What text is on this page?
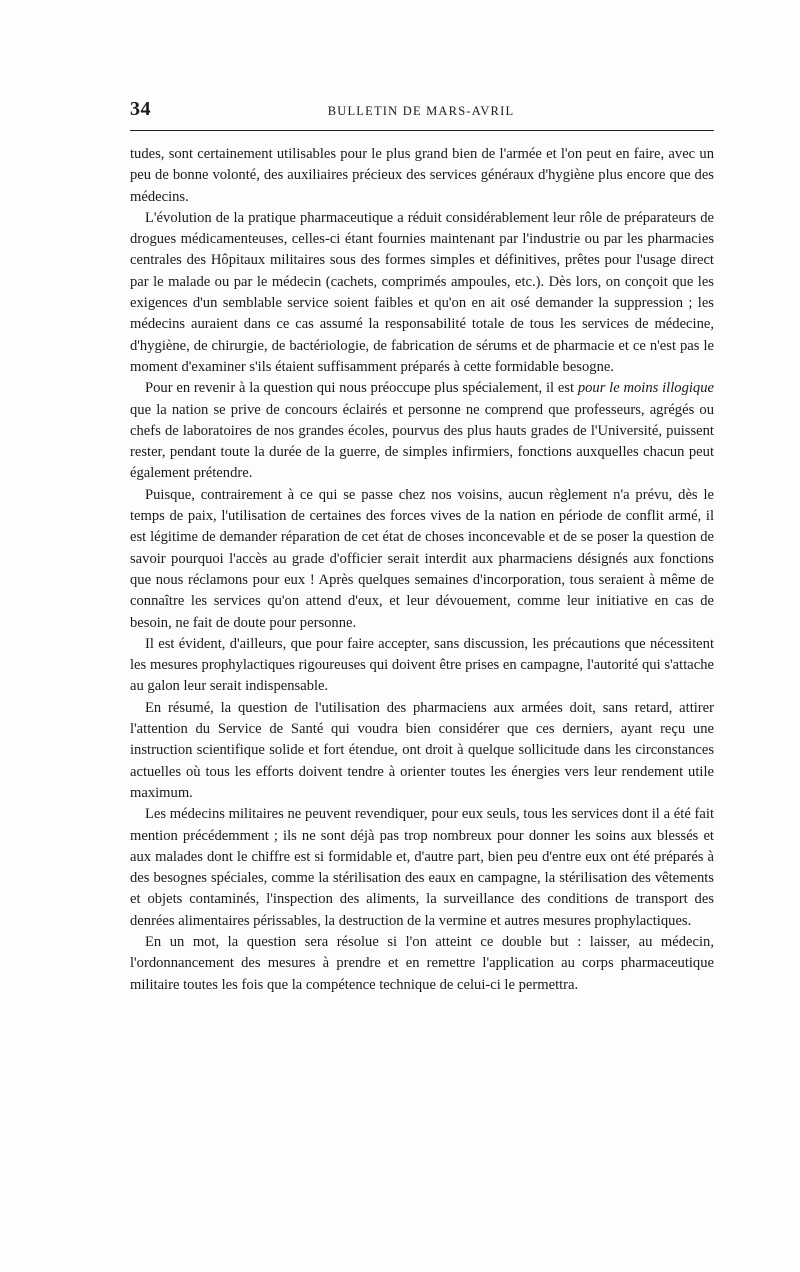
34	BULLETIN DE MARS-AVRIL

tudes, sont certainement utilisables pour le plus grand bien de l'armée et l'on peut en faire, avec un peu de bonne volonté, des auxiliaires précieux des services généraux d'hygiène plus encore que des médecins.

L'évolution de la pratique pharmaceutique a réduit considérablement leur rôle de préparateurs de drogues médicamenteuses, celles-ci étant fournies maintenant par l'industrie ou par les pharmacies centrales des Hôpitaux militaires sous des formes simples et définitives, prêtes pour l'usage direct par le malade ou par le médecin (cachets, comprimés ampoules, etc.). Dès lors, on conçoit que les exigences d'un semblable service soient faibles et qu'on en ait osé demander la suppression ; les médecins auraient dans ce cas assumé la responsabilité totale de tous les services de médecine, d'hygiène, de chirurgie, de bactériologie, de fabrication de sérums et de pharmacie et ce n'est pas le moment d'examiner s'ils étaient suffisamment préparés à cette formidable besogne.

Pour en revenir à la question qui nous préoccupe plus spécialement, il est pour le moins illogique que la nation se prive de concours éclairés et personne ne comprend que professeurs, agrégés ou chefs de laboratoires de nos grandes écoles, pourvus des plus hauts grades de l'Université, puissent rester, pendant toute la durée de la guerre, de simples infirmiers, fonctions auxquelles chacun peut également prétendre.

Puisque, contrairement à ce qui se passe chez nos voisins, aucun règlement n'a prévu, dès le temps de paix, l'utilisation de certaines des forces vives de la nation en période de conflit armé, il est légitime de demander réparation de cet état de choses inconcevable et de se poser la question de savoir pourquoi l'accès au grade d'officier serait interdit aux pharmaciens désignés aux fonctions que nous réclamons pour eux ! Après quelques semaines d'incorporation, tous seraient à même de connaître les services qu'on attend d'eux, et leur dévouement, comme leur initiative en cas de besoin, ne fait de doute pour personne.

Il est évident, d'ailleurs, que pour faire accepter, sans discussion, les précautions que nécessitent les mesures prophylactiques rigoureuses qui doivent être prises en campagne, l'autorité qui s'attache au galon leur serait indispensable.

En résumé, la question de l'utilisation des pharmaciens aux armées doit, sans retard, attirer l'attention du Service de Santé qui voudra bien considérer que ces derniers, ayant reçu une instruction scientifique solide et fort étendue, ont droit à quelque sollicitude dans les circonstances actuelles où tous les efforts doivent tendre à orienter toutes les énergies vers leur rendement utile maximum.

Les médecins militaires ne peuvent revendiquer, pour eux seuls, tous les services dont il a été fait mention précédemment ; ils ne sont déjà pas trop nombreux pour donner les soins aux blessés et aux malades dont le chiffre est si formidable et, d'autre part, bien peu d'entre eux ont été préparés à des besognes spéciales, comme la stérilisation des eaux en campagne, la stérilisation des vêtements et objets contaminés, l'inspection des aliments, la surveillance des conditions de transport des denrées alimentaires périssables, la destruction de la vermine et autres mesures prophylactiques.

En un mot, la question sera résolue si l'on atteint ce double but : laisser, au médecin, l'ordonnancement des mesures à prendre et en remettre l'application au corps pharmaceutique militaire toutes les fois que la compétence technique de celui-ci le permettra.
